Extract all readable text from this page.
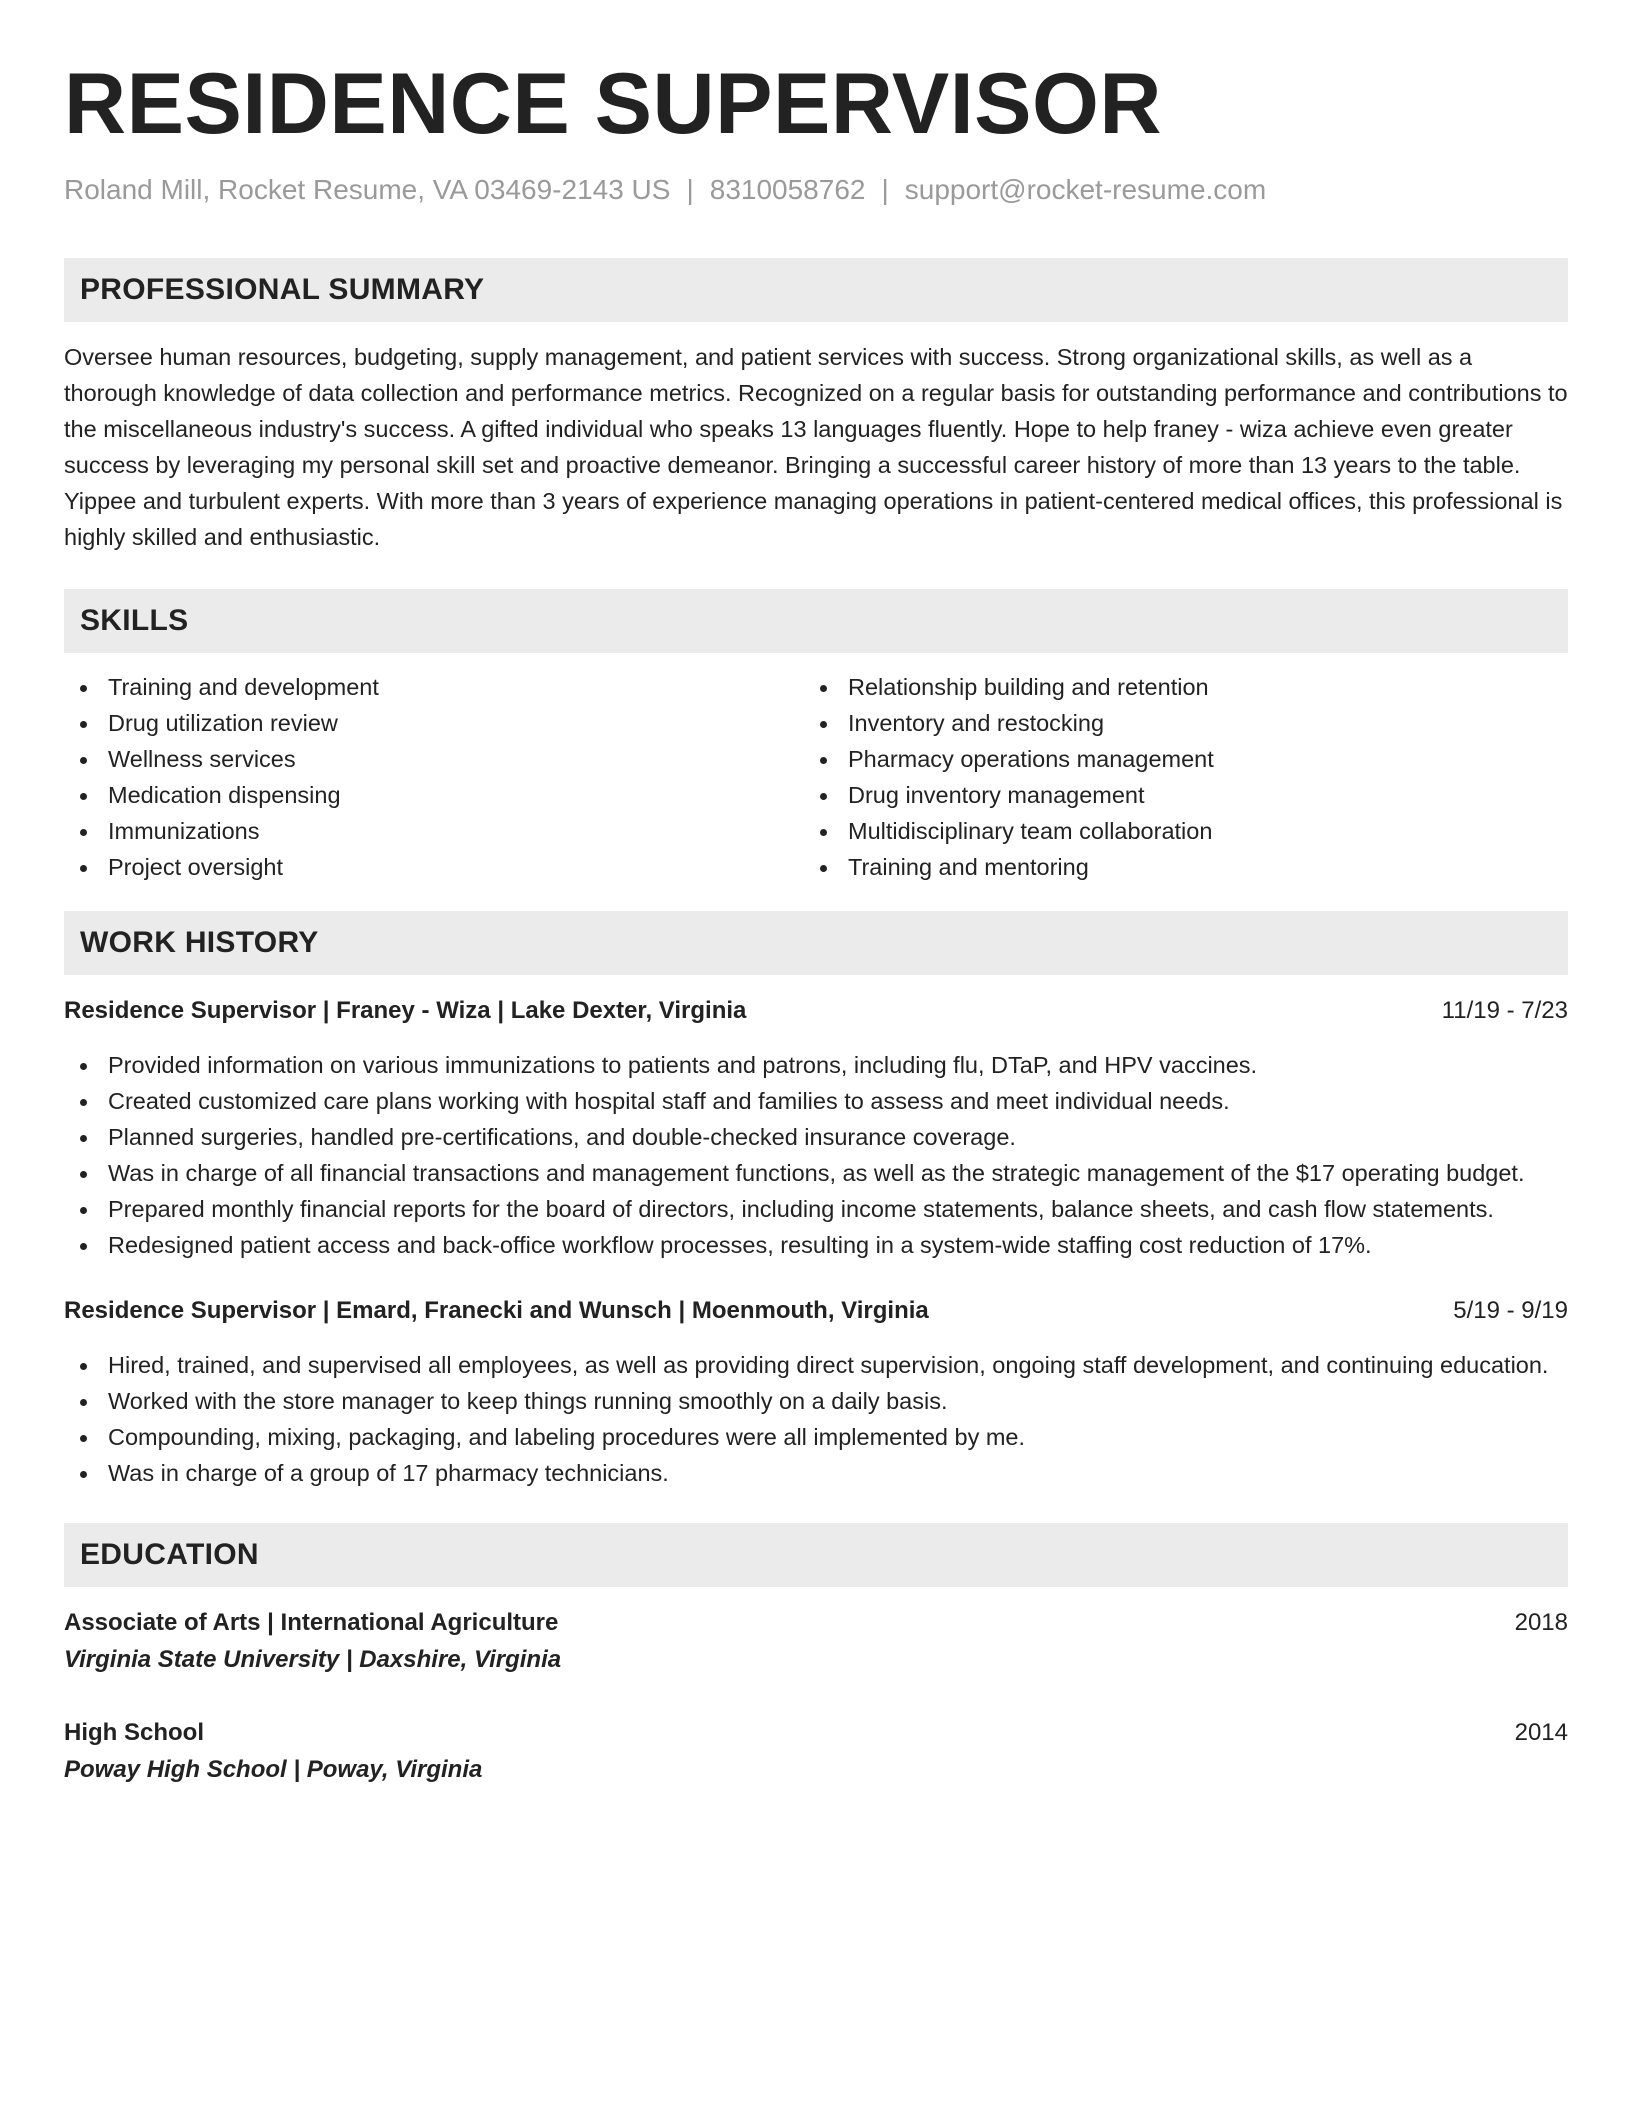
RESIDENCE SUPERVISOR
Roland Mill, Rocket Resume, VA 03469-2143 US | 8310058762 | support@rocket-resume.com
PROFESSIONAL SUMMARY
Oversee human resources, budgeting, supply management, and patient services with success. Strong organizational skills, as well as a thorough knowledge of data collection and performance metrics. Recognized on a regular basis for outstanding performance and contributions to the miscellaneous industry's success. A gifted individual who speaks 13 languages fluently. Hope to help franey - wiza achieve even greater success by leveraging my personal skill set and proactive demeanor. Bringing a successful career history of more than 13 years to the table. Yippee and turbulent experts. With more than 3 years of experience managing operations in patient-centered medical offices, this professional is highly skilled and enthusiastic.
SKILLS
Training and development
Drug utilization review
Wellness services
Medication dispensing
Immunizations
Project oversight
Relationship building and retention
Inventory and restocking
Pharmacy operations management
Drug inventory management
Multidisciplinary team collaboration
Training and mentoring
WORK HISTORY
Residence Supervisor | Franey - Wiza | Lake Dexter, Virginia	11/19 - 7/23
Provided information on various immunizations to patients and patrons, including flu, DTaP, and HPV vaccines.
Created customized care plans working with hospital staff and families to assess and meet individual needs.
Planned surgeries, handled pre-certifications, and double-checked insurance coverage.
Was in charge of all financial transactions and management functions, as well as the strategic management of the $17 operating budget.
Prepared monthly financial reports for the board of directors, including income statements, balance sheets, and cash flow statements.
Redesigned patient access and back-office workflow processes, resulting in a system-wide staffing cost reduction of 17%.
Residence Supervisor | Emard, Franecki and Wunsch | Moenmouth, Virginia	5/19 - 9/19
Hired, trained, and supervised all employees, as well as providing direct supervision, ongoing staff development, and continuing education.
Worked with the store manager to keep things running smoothly on a daily basis.
Compounding, mixing, packaging, and labeling procedures were all implemented by me.
Was in charge of a group of 17 pharmacy technicians.
EDUCATION
Associate of Arts | International Agriculture	2018
Virginia State University | Daxshire, Virginia
High School	2014
Poway High School | Poway, Virginia
